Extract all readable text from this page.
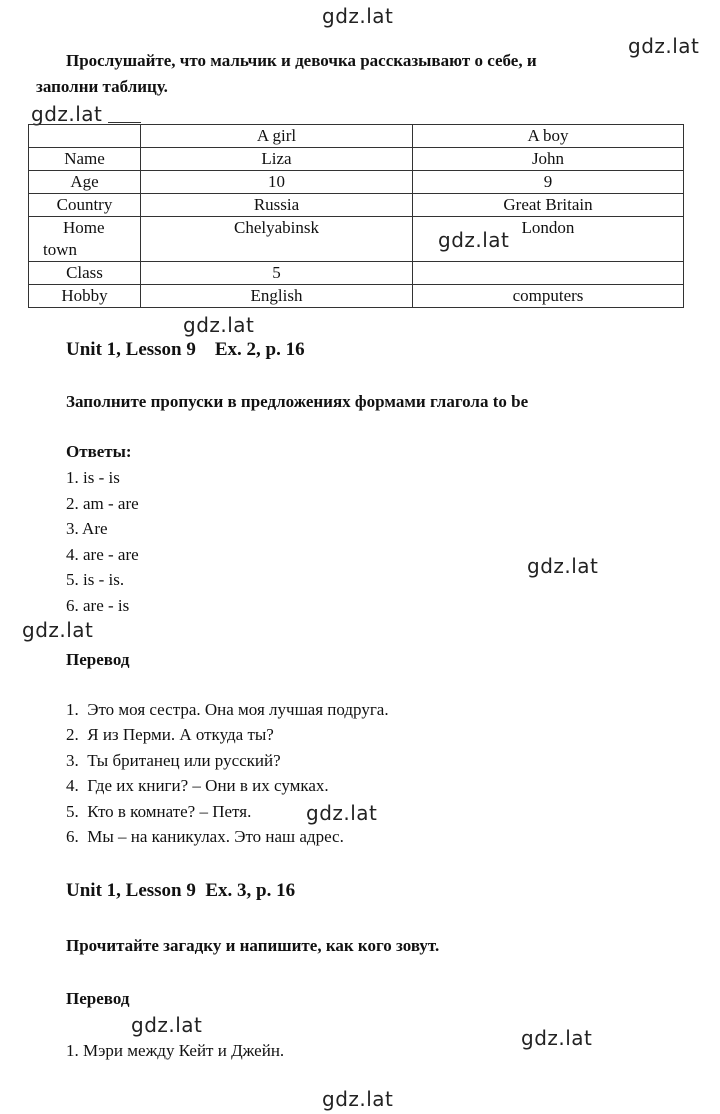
gdz.lat
gdz.lat
gdz.lat
gdz.lat
gdz.lat
gdz.lat
gdz.lat
gdz.lat
gdz.lat
gdz.lat
gdz.lat
Прослушайте, что мальчик и девочка рассказывают о себе, и
заполни таблицу.
	A girl	A boy
Name	Liza	John
Age	10	9
Country	Russia	Great Britain
Home
town	Chelyabinsk	London
Class	5	
Hobby	English	computers
Unit 1, Lesson 9    Ex. 2, p. 16
Заполните пропуски в предложениях формами глагола to be
Ответы:
1. is - is
2. am - are
3. Are
4. are - are
5. is - is.
6. are - is
Перевод
1.  Это моя сестра. Она моя лучшая подруга.
2.  Я из Перми. А откуда ты?
3.  Ты британец или русский?
4.  Где их книги? – Они в их сумках.
5.  Кто в комнате? – Петя.
6.  Мы – на каникулах. Это наш адрес.
Unit 1, Lesson 9  Ex. 3, p. 16
Прочитайте загадку и напишите, как кого зовут.
Перевод
1. Мэри между Кейт и Джейн.
